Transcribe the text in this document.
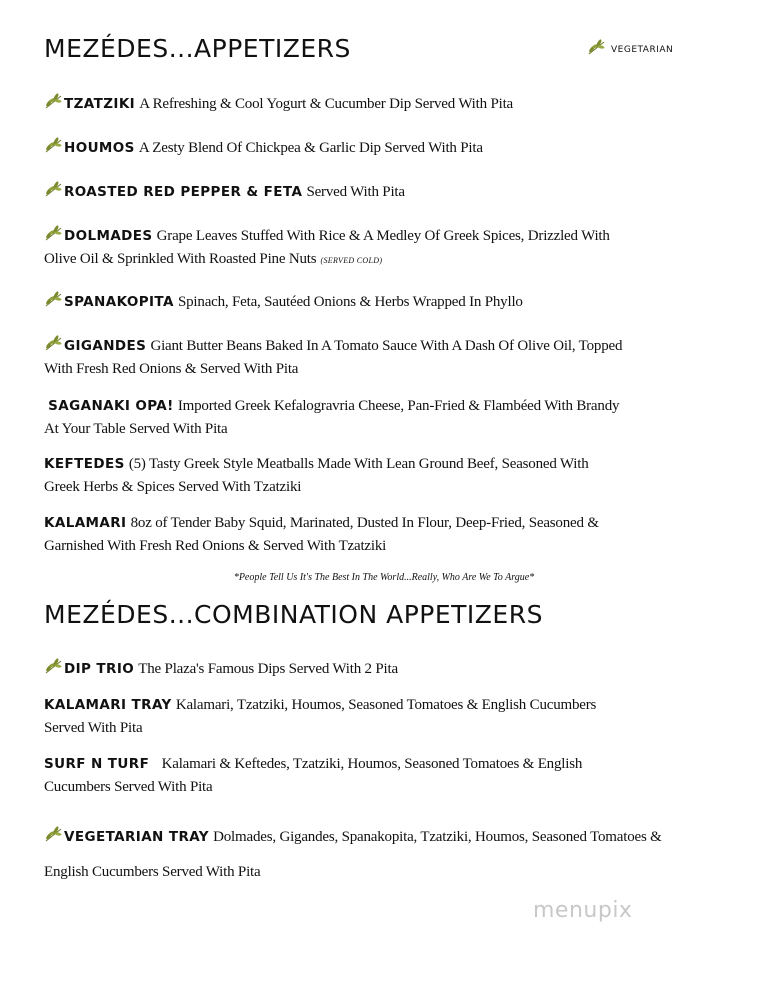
MEZÉDES...APPETIZERS	VEGETARIAN
TZATZIKI A Refreshing & Cool Yogurt & Cucumber Dip Served With Pita
HOUMOS A Zesty Blend Of Chickpea & Garlic Dip Served With Pita
ROASTED RED PEPPER & FETA Served With Pita
DOLMADES Grape Leaves Stuffed With Rice & A Medley Of Greek Spices, Drizzled With
Olive Oil & Sprinkled With Roasted Pine Nuts (SERVED COLD)
SPANAKOPITA Spinach, Feta, Sautéed Onions & Herbs Wrapped In Phyllo
GIGANDES Giant Butter Beans Baked In A Tomato Sauce With A Dash Of Olive Oil, Topped
With Fresh Red Onions & Served With Pita
SAGANAKI OPA! Imported Greek Kefalogravria Cheese, Pan-Fried & Flambéed With Brandy
At Your Table Served With Pita
KEFTEDES (5) Tasty Greek Style Meatballs Made With Lean Ground Beef, Seasoned With
Greek Herbs & Spices Served With Tzatziki
KALAMARI 8oz of Tender Baby Squid, Marinated, Dusted In Flour, Deep-Fried, Seasoned &
Garnished With Fresh Red Onions & Served With Tzatziki
*People Tell Us It's The Best In The World...Really, Who Are We To Argue*
MEZÉDES...COMBINATION APPETIZERS
DIP TRIO The Plaza's Famous Dips Served With 2 Pita
KALAMARI TRAY Kalamari, Tzatziki, Houmos, Seasoned Tomatoes & English Cucumbers
Served With Pita
SURF N TURF Kalamari & Keftedes, Tzatziki, Houmos, Seasoned Tomatoes & English
Cucumbers Served With Pita
VEGETARIAN TRAY Dolmades, Gigandes, Spanakopita, Tzatziki, Houmos, Seasoned Tomatoes &
English Cucumbers Served With Pita
menupix
